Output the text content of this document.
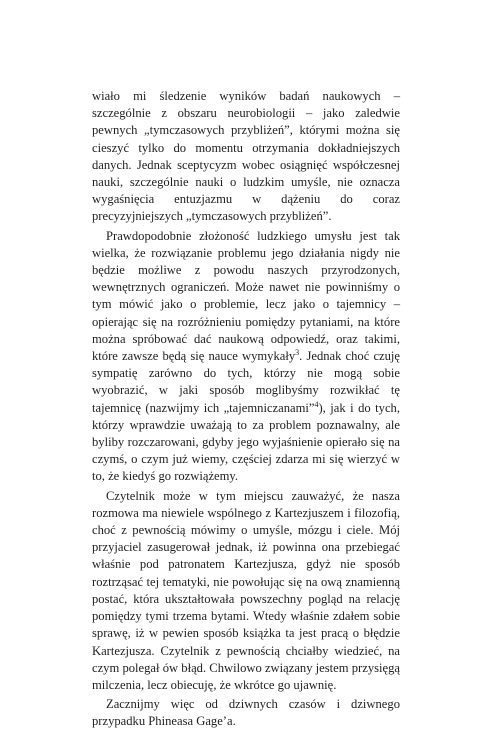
wiało mi śledzenie wyników badań naukowych – szczególnie z obszaru neurobiologii – jako zaledwie pewnych „tymczasowych przybliżeń”, którymi można się cieszyć tylko do momentu otrzymania dokładniejszych danych. Jednak sceptycyzm wobec osiągnięć współczesnej nauki, szczególnie nauki o ludzkim umyśle, nie oznacza wygaśnięcia entuzjazmu w dążeniu do coraz precyzyjniejszych „tymczasowych przybliżeń”.

Prawdopodobnie złożoność ludzkiego umysłu jest tak wielka, że rozwiązanie problemu jego działania nigdy nie będzie możliwe z powodu naszych przyrodzonych, wewnętrznych ograniczeń. Może nawet nie powinniśmy o tym mówić jako o problemie, lecz jako o tajemnicy – opierając się na rozróżnieniu pomiędzy pytaniami, na które można spróbować dać naukową odpowiedź, oraz takimi, które zawsze będą się nauce wymykały$^3$. Jednak choć czuję sympatię zarówno do tych, którzy nie mogą sobie wyobrazić, w jaki sposób moglibyśmy rozwikłać tę tajemnicę (nazwijmy ich „tajemniczanami”$^4$), jak i do tych, którzy wprawdzie uważają to za problem poznawalny, ale byliby rozczarowani, gdyby jego wyjaśnienie opierało się na czymś, o czym już wiemy, częściej zdarza mi się wierzyć w to, że kiedyś go rozwiążemy.

Czytelnik może w tym miejscu zauważyć, że nasza rozmowa ma niewiele wspólnego z Kartezjuszem i filozofią, choć z pewnością mówimy o umyśle, mózgu i ciele. Mój przyjaciel zasugerował jednak, iż powinna ona przebiegać właśnie pod patronatem Kartezjusza, gdyż nie sposób roztrząsać tej tematyki, nie powołując się na ową znamienną postać, która ukształtowała powszechny pogląd na relację pomiędzy tymi trzema bytami. Wtedy właśnie zdałem sobie sprawę, iż w pewien sposób książka ta jest pracą o błędzie Kartezjusza. Czytelnik z pewnością chciałby wiedzieć, na czym polegał ów błąd. Chwilowo związany jestem przysięgą milczenia, lecz obiecuję, że wkrótce go ujawnię.

Zacznijmy więc od dziwnych czasów i dziwnego przypadku Phineasa Gage’a.
